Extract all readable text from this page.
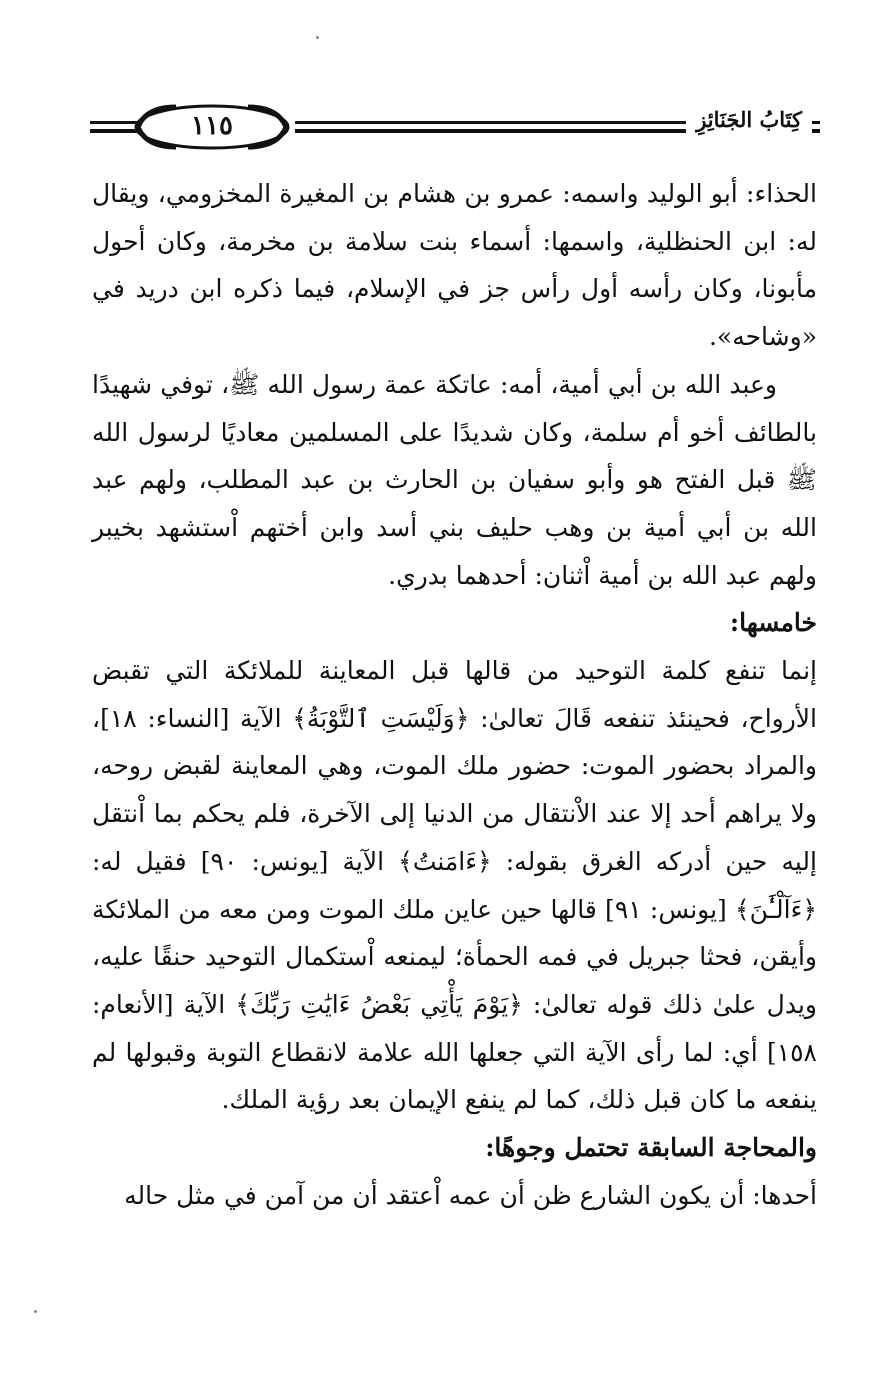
كِتَابُ الجَنَائِزِ
١١٥

الحذاء: أبو الوليد واسمه: عمرو بن هشام بن المغيرة المخزومي، ويقال له: ابن الحنظلية، واسمها: أسماء بنت سلامة بن مخرمة، وكان أحول مأبونا، وكان رأسه أول رأس جز في الإسلام، فيما ذكره ابن دريد في «وشاحه».

وعبد الله بن أبي أمية، أمه: عاتكة عمة رسول الله ﷺ، توفي شهيدًا بالطائف أخو أم سلمة، وكان شديدًا على المسلمين معاديًا لرسول الله ﷺ قبل الفتح هو وأبو سفيان بن الحارث بن عبد المطلب، ولهم عبد الله بن أبي أمية بن وهب حليف بني أسد وابن أختهم اْستشهد بخيبر ولهم عبد الله بن أمية اْثنان: أحدهما بدري.

خامسها:

إنما تنفع كلمة التوحيد من قالها قبل المعاينة للملائكة التي تقبض الأرواح، فحينئذ تنفعه قَالَ تعالىٰ: ﴿وَلَيْسَتِ ٱلتَّوْبَةُ﴾ الآية [النساء: ١٨]، والمراد بحضور الموت: حضور ملك الموت، وهي المعاينة لقبض روحه، ولا يراهم أحد إلا عند الاْنتقال من الدنيا إلى الآخرة، فلم يحكم بما اْنتقل إليه حين أدركه الغرق بقوله: ﴿ءَامَنتُ﴾ الآية [يونس: ٩٠] فقيل له: ﴿ءَآلْـَٰٔنَ﴾ [يونس: ٩١] قالها حين عاين ملك الموت ومن معه من الملائكة وأيقن، فحثا جبريل في فمه الحمأة؛ ليمنعه اْستكمال التوحيد حنقًا عليه، ويدل علىٰ ذلك قوله تعالىٰ: ﴿يَوْمَ يَأْتِي بَعْضُ ءَايَٰتِ رَبِّكَ﴾ الآية [الأنعام: ١٥٨] أي: لما رأى الآية التي جعلها الله علامة لانقطاع التوبة وقبولها لم ينفعه ما كان قبل ذلك، كما لم ينفع الإيمان بعد رؤية الملك.

والمحاجة السابقة تحتمل وجوهًا:

أحدها: أن يكون الشارع ظن أن عمه اْعتقد أن من آمن في مثل حاله
